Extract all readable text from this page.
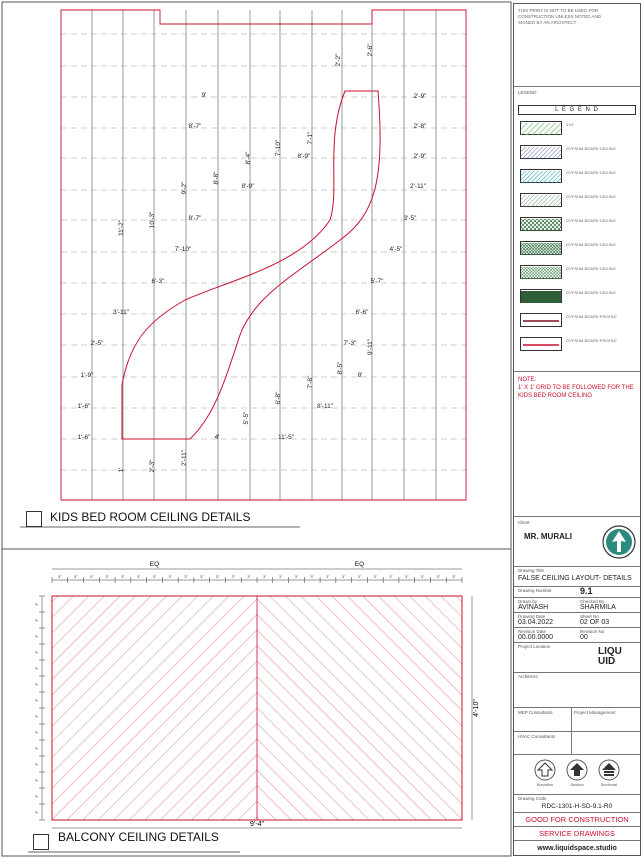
9'
2'-2"
2'-6"
2'-9"
8'-7"
7'-1"
7'-10"
2'-8"
8'-4"	8'-9"	2'-9"
8'-8"
9'-2"	8'-9"	2'-11"
10'-3"	8'-7"	3'-5"
11'-2"
7'-10"	4'-5"
6'-3"	5'-7"
3'-11"	6'-6"
2'-5"	7'-3" 9'-11"
8'-5"
1'-9"
7'-6"
8'
6'-8"
8'-11"
1'-6"
5'-5"
1'-6"	4'	11'-5"
2'-11"
2'-3"
1'
EQ	EQ
3"	3"	3"	3"	3"	3"	3"	3"	3"	3"	3"	3"	3"	3"	3"	3"	3"	3"	3"	3"	3"	3"	3"	3"	3"	3"
3"
3"
3"
3"
3"
3"
3"
3"
3"
3"
3"
3"
3"
3"
4'-10"
9'-4"
KIDS BED ROOM CEILING DETAILS
BALCONY CEILING DETAILS
THIS PRINT IS NOT TO BE USED FOR CONSTRUCTION UNLESS NOTED AND SIGNED BY AN ARCHITECT
LEGEND
L E G E N D
1'x1'
GYPSUM BOARD CEILING
GYPSUM BOARD CEILING
GYPSUM BOARD CEILING
GYPSUM BOARD CEILING
GYPSUM BOARD CEILING
GYPSUM BOARD CEILING
GYPSUM BOARD CEILING
GYPSUM BOARD PROFILE
GYPSUM BOARD PROFILE
NOTE:
1' X 1' GRID TO BE FOLLOWED FOR THE KIDS BED ROOM CEILING
Client
MR. MURALI
Drawing Title
FALSE CEILING LAYOUT- DETAILS
Drawing Number	9.1
Drawn by
AVINASH
Checked By
SHARMILA
Drawing Date
03.04.2022
Sheet No
02 OF 03
Revision Date
00.00.0000
Revision No
00
Project Location	LIQU
UID
Architects
MEP Consultants	Project Management
HVAC Consultants
Elevation	Section	Sectional
Drawing Code
RDC-1301-H-SD-9.1-R0
GOOD FOR CONSTRUCTION
SERVICE DRAWINGS
www.liquidspace.studio
